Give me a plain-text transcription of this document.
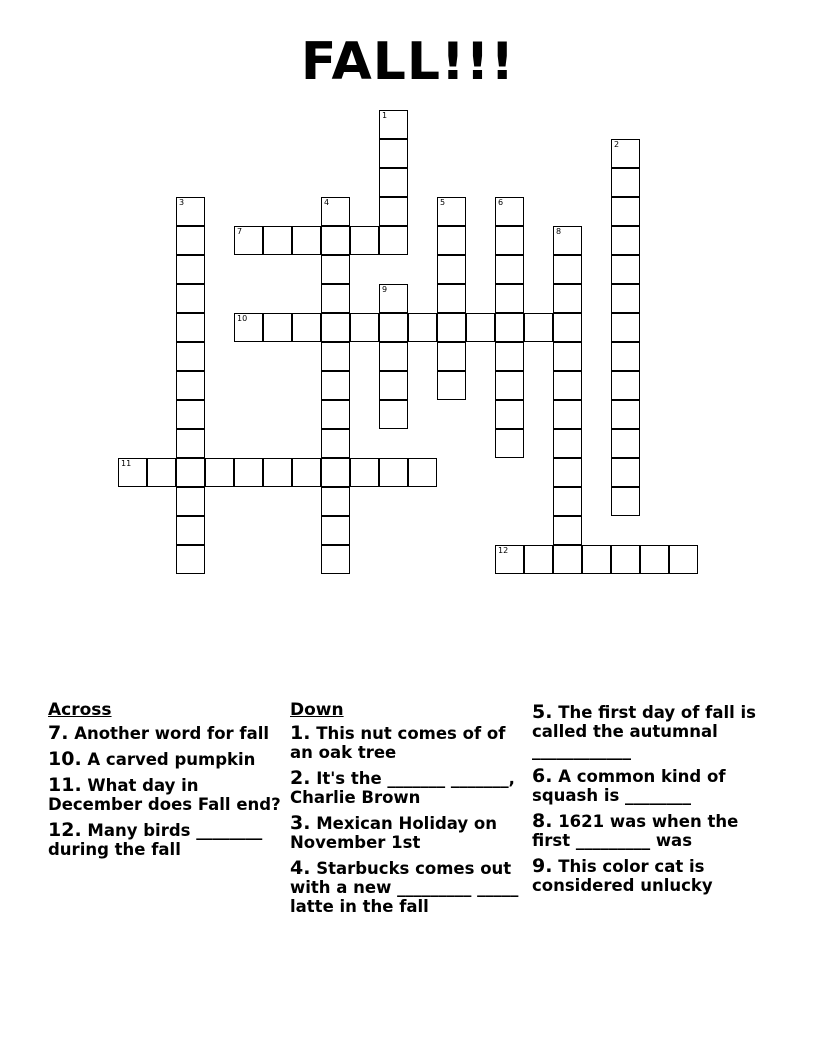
FALL!!!
1
2
3	4	5	6
7	8
9
10
11
12
Across
7. Another word for fall
10. A carved pumpkin
11. What day in December does Fall end?
12. Many birds ________ during the fall
Down
1. This nut comes of of an oak tree
2. It's the _______ _______, Charlie Brown
3. Mexican Holiday on November 1st
4. Starbucks comes out with a new _________ _____ latte in the fall
5. The first day of fall is called the autumnal ____________
6. A common kind of squash is ________
8. 1621 was when the first _________ was
9. This color cat is considered unlucky
